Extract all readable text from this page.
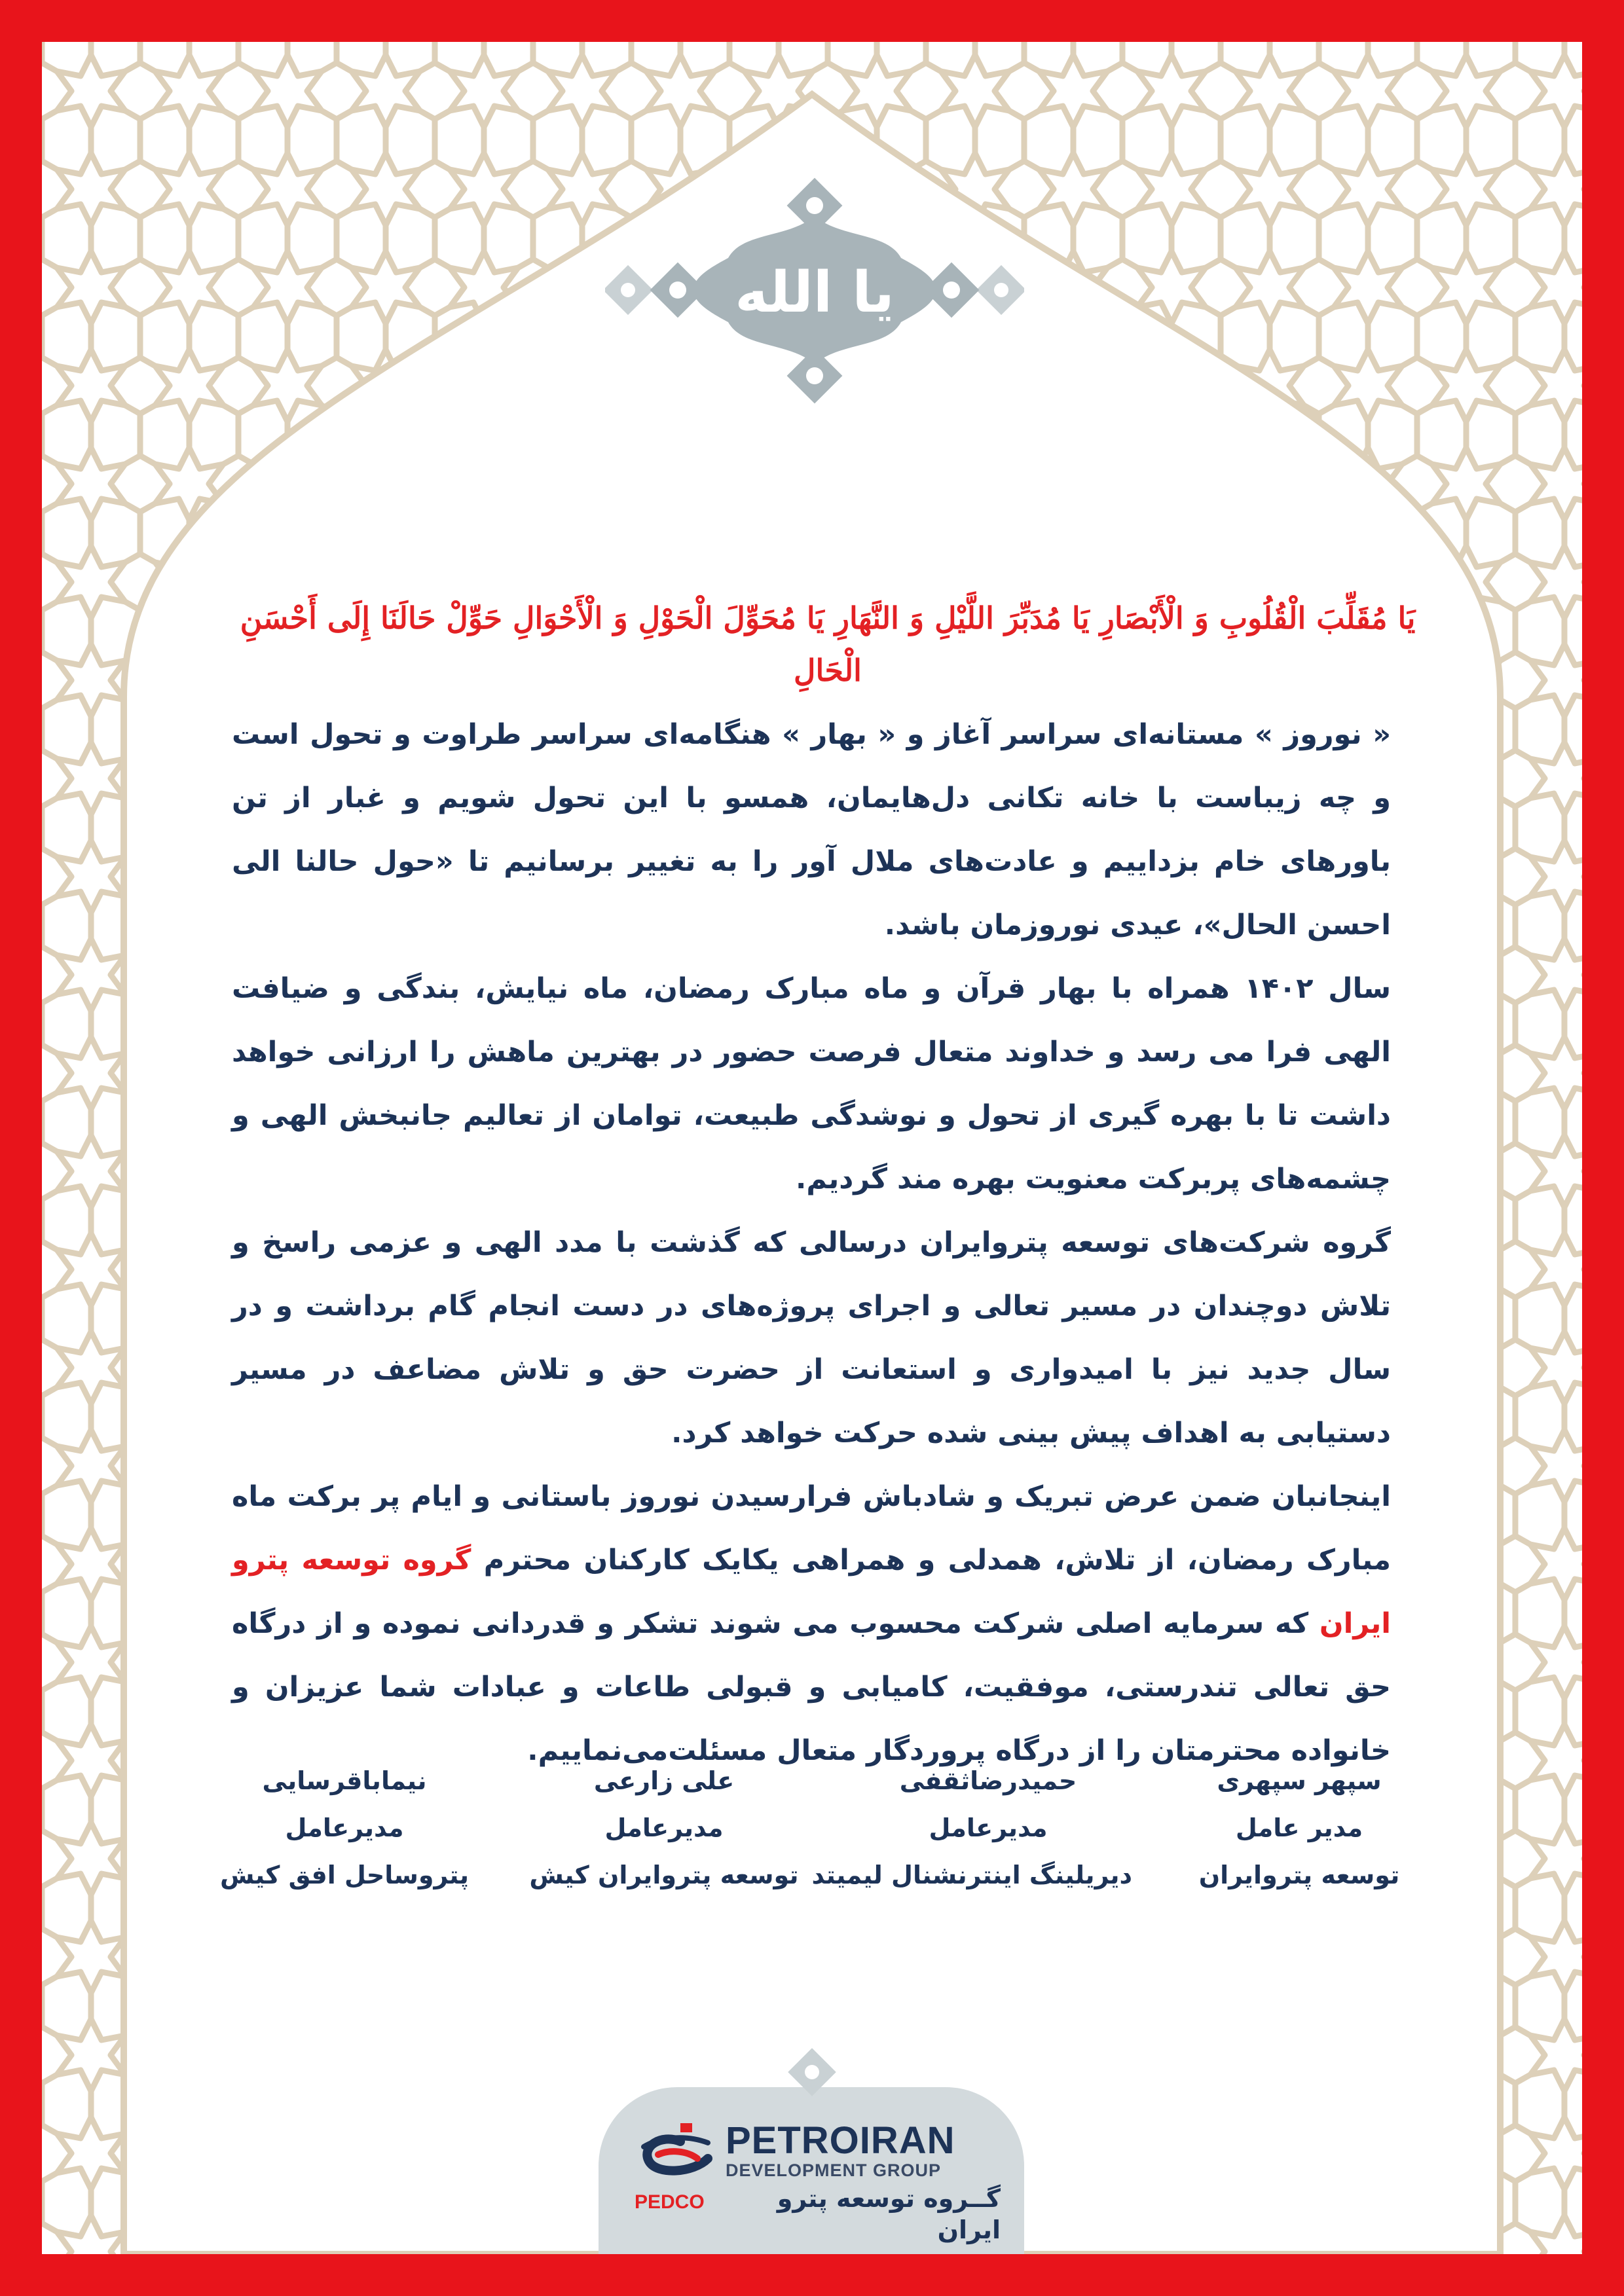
یا الله
یَا مُقَلِّبَ الْقُلُوبِ وَ الْأَبْصَارِ یَا مُدَبِّرَ اللَّیْلِ وَ النَّهَارِ یَا مُحَوِّلَ الْحَوْلِ وَ الْأَحْوَالِ حَوِّلْ حَالَنَا إِلَى أَحْسَنِ الْحَالِ

« نوروز » مستانه‌ای سراسر آغاز و « بهار » هنگامه‌ای سراسر طراوت و تحول است و چه زیباست با خانه تکانی دل‌هایمان، همسو با این تحول شویم و غبار از تن باورهای خام بزداییم و عادت‌های ملال آور را به تغییر برسانیم تا «حول حالنا الی احسن الحال»، عیدی نوروزمان باشد.

سال ۱۴۰۲ همراه با بهار قرآن و ماه مبارک رمضان، ماه نیایش، بندگی و ضیافت الهی فرا می رسد و خداوند متعال فرصت حضور در بهترین ماهش را ارزانی خواهد داشت تا با بهره گیری از تحول و نوشدگی طبیعت، توامان از تعالیم جانبخش الهی و چشمه‌های پربرکت معنویت بهره مند گردیم.

گروه شرکت‌های توسعه پترو‌ایران درسالی که گذشت با مدد الهی و عزمی راسخ و تلاش دوچندان در مسیر تعالی و اجرای پروژه‌های در دست انجام گام برداشت و در سال جدید نیز با امیدواری و استعانت از حضرت حق و تلاش مضاعف در مسیر دستیابی به اهداف پیش بینی شده حرکت خواهد کرد.

اینجانبان ضمن عرض تبریک و شادباش فرارسیدن نوروز باستانی و ایام پر برکت ماه مبارک رمضان، از تلاش، همدلی و همراهی یکایک کارکنان محترم گروه توسعه پترو ایران که سرمایه اصلی شرکت محسوب می شوند تشکر و قدردانی نموده و از درگاه حق تعالی تندرستی، موفقیت، کامیابی و قبولی طاعات و عبادات شما عزیزان و خانواده محترمتان را از درگاه پروردگار متعال مسئلت‌می‌نماییم.

سپهر سپهری
مدیر عامل
توسعه پتروایران
حمیدرضاثقفی
مدیرعامل
دیریلینگ اینترنشنال لیمیتد
علی زارعی
مدیرعامل
توسعه پتروایران کیش
نیماباقرسایی
مدیرعامل
پتروساحل افق کیش
PETROIRAN
DEVELOPMENT GROUP
PEDCO	گــروه توسعه پترو ایران
